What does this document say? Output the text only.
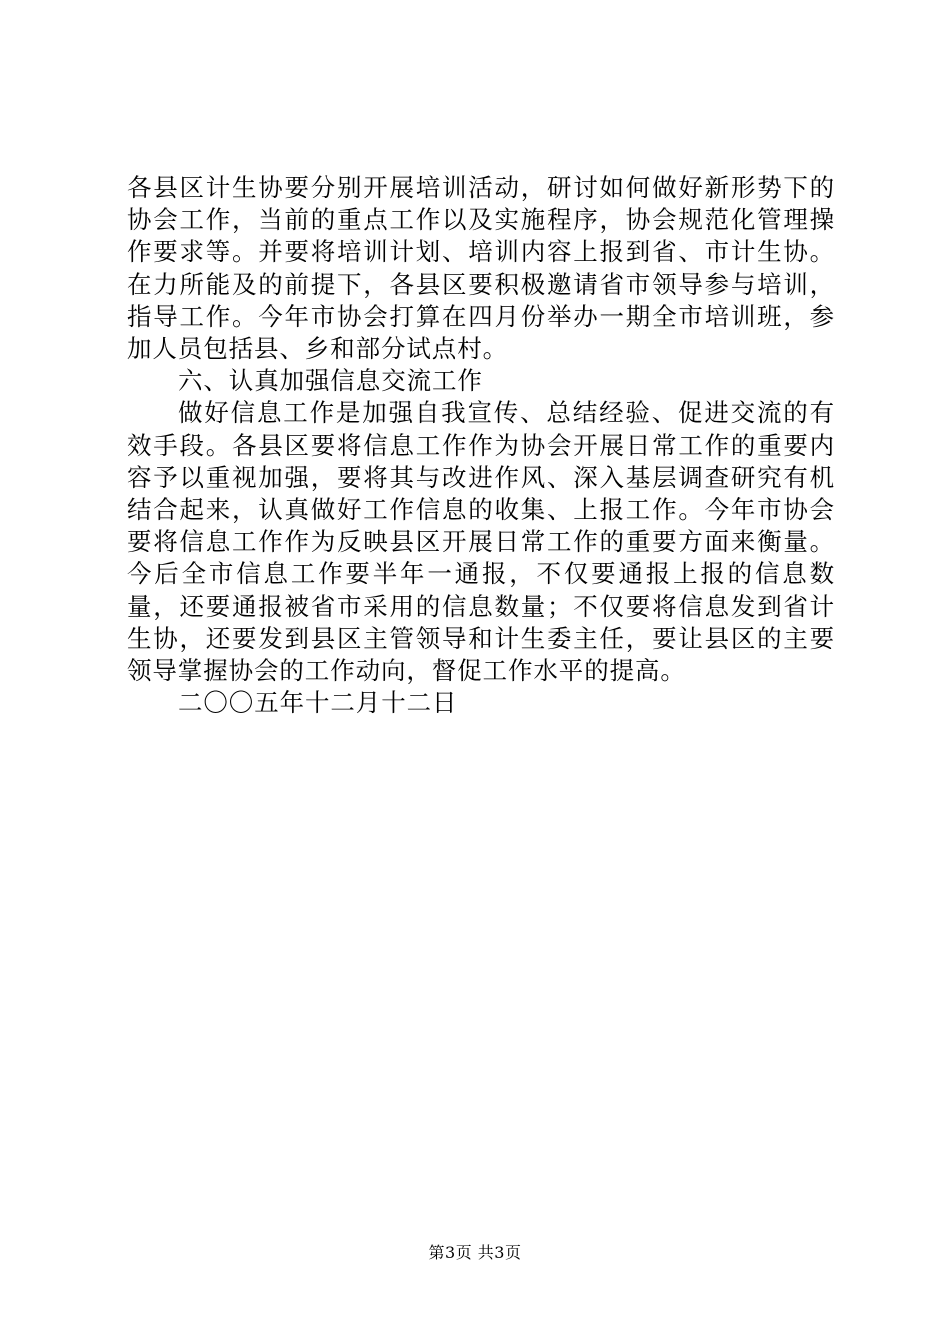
各县区计生协要分别开展培训活动，研讨如何做好新形势下的协会工作，当前的重点工作以及实施程序，协会规范化管理操作要求等。并要将培训计划、培训内容上报到省、市计生协。在力所能及的前提下，各县区要积极邀请省市领导参与培训，指导工作。今年市协会打算在四月份举办一期全市培训班，参加人员包括县、乡和部分试点村。

六、认真加强信息交流工作

做好信息工作是加强自我宣传、总结经验、促进交流的有效手段。各县区要将信息工作作为协会开展日常工作的重要内容予以重视加强，要将其与改进作风、深入基层调查研究有机结合起来，认真做好工作信息的收集、上报工作。今年市协会要将信息工作作为反映县区开展日常工作的重要方面来衡量。今后全市信息工作要半年一通报，不仅要通报上报的信息数量，还要通报被省市采用的信息数量；不仅要将信息发到省计生协，还要发到县区主管领导和计生委主任，要让县区的主要领导掌握协会的工作动向，督促工作水平的提高。

二〇〇五年十二月十二日

第3页 共3页
